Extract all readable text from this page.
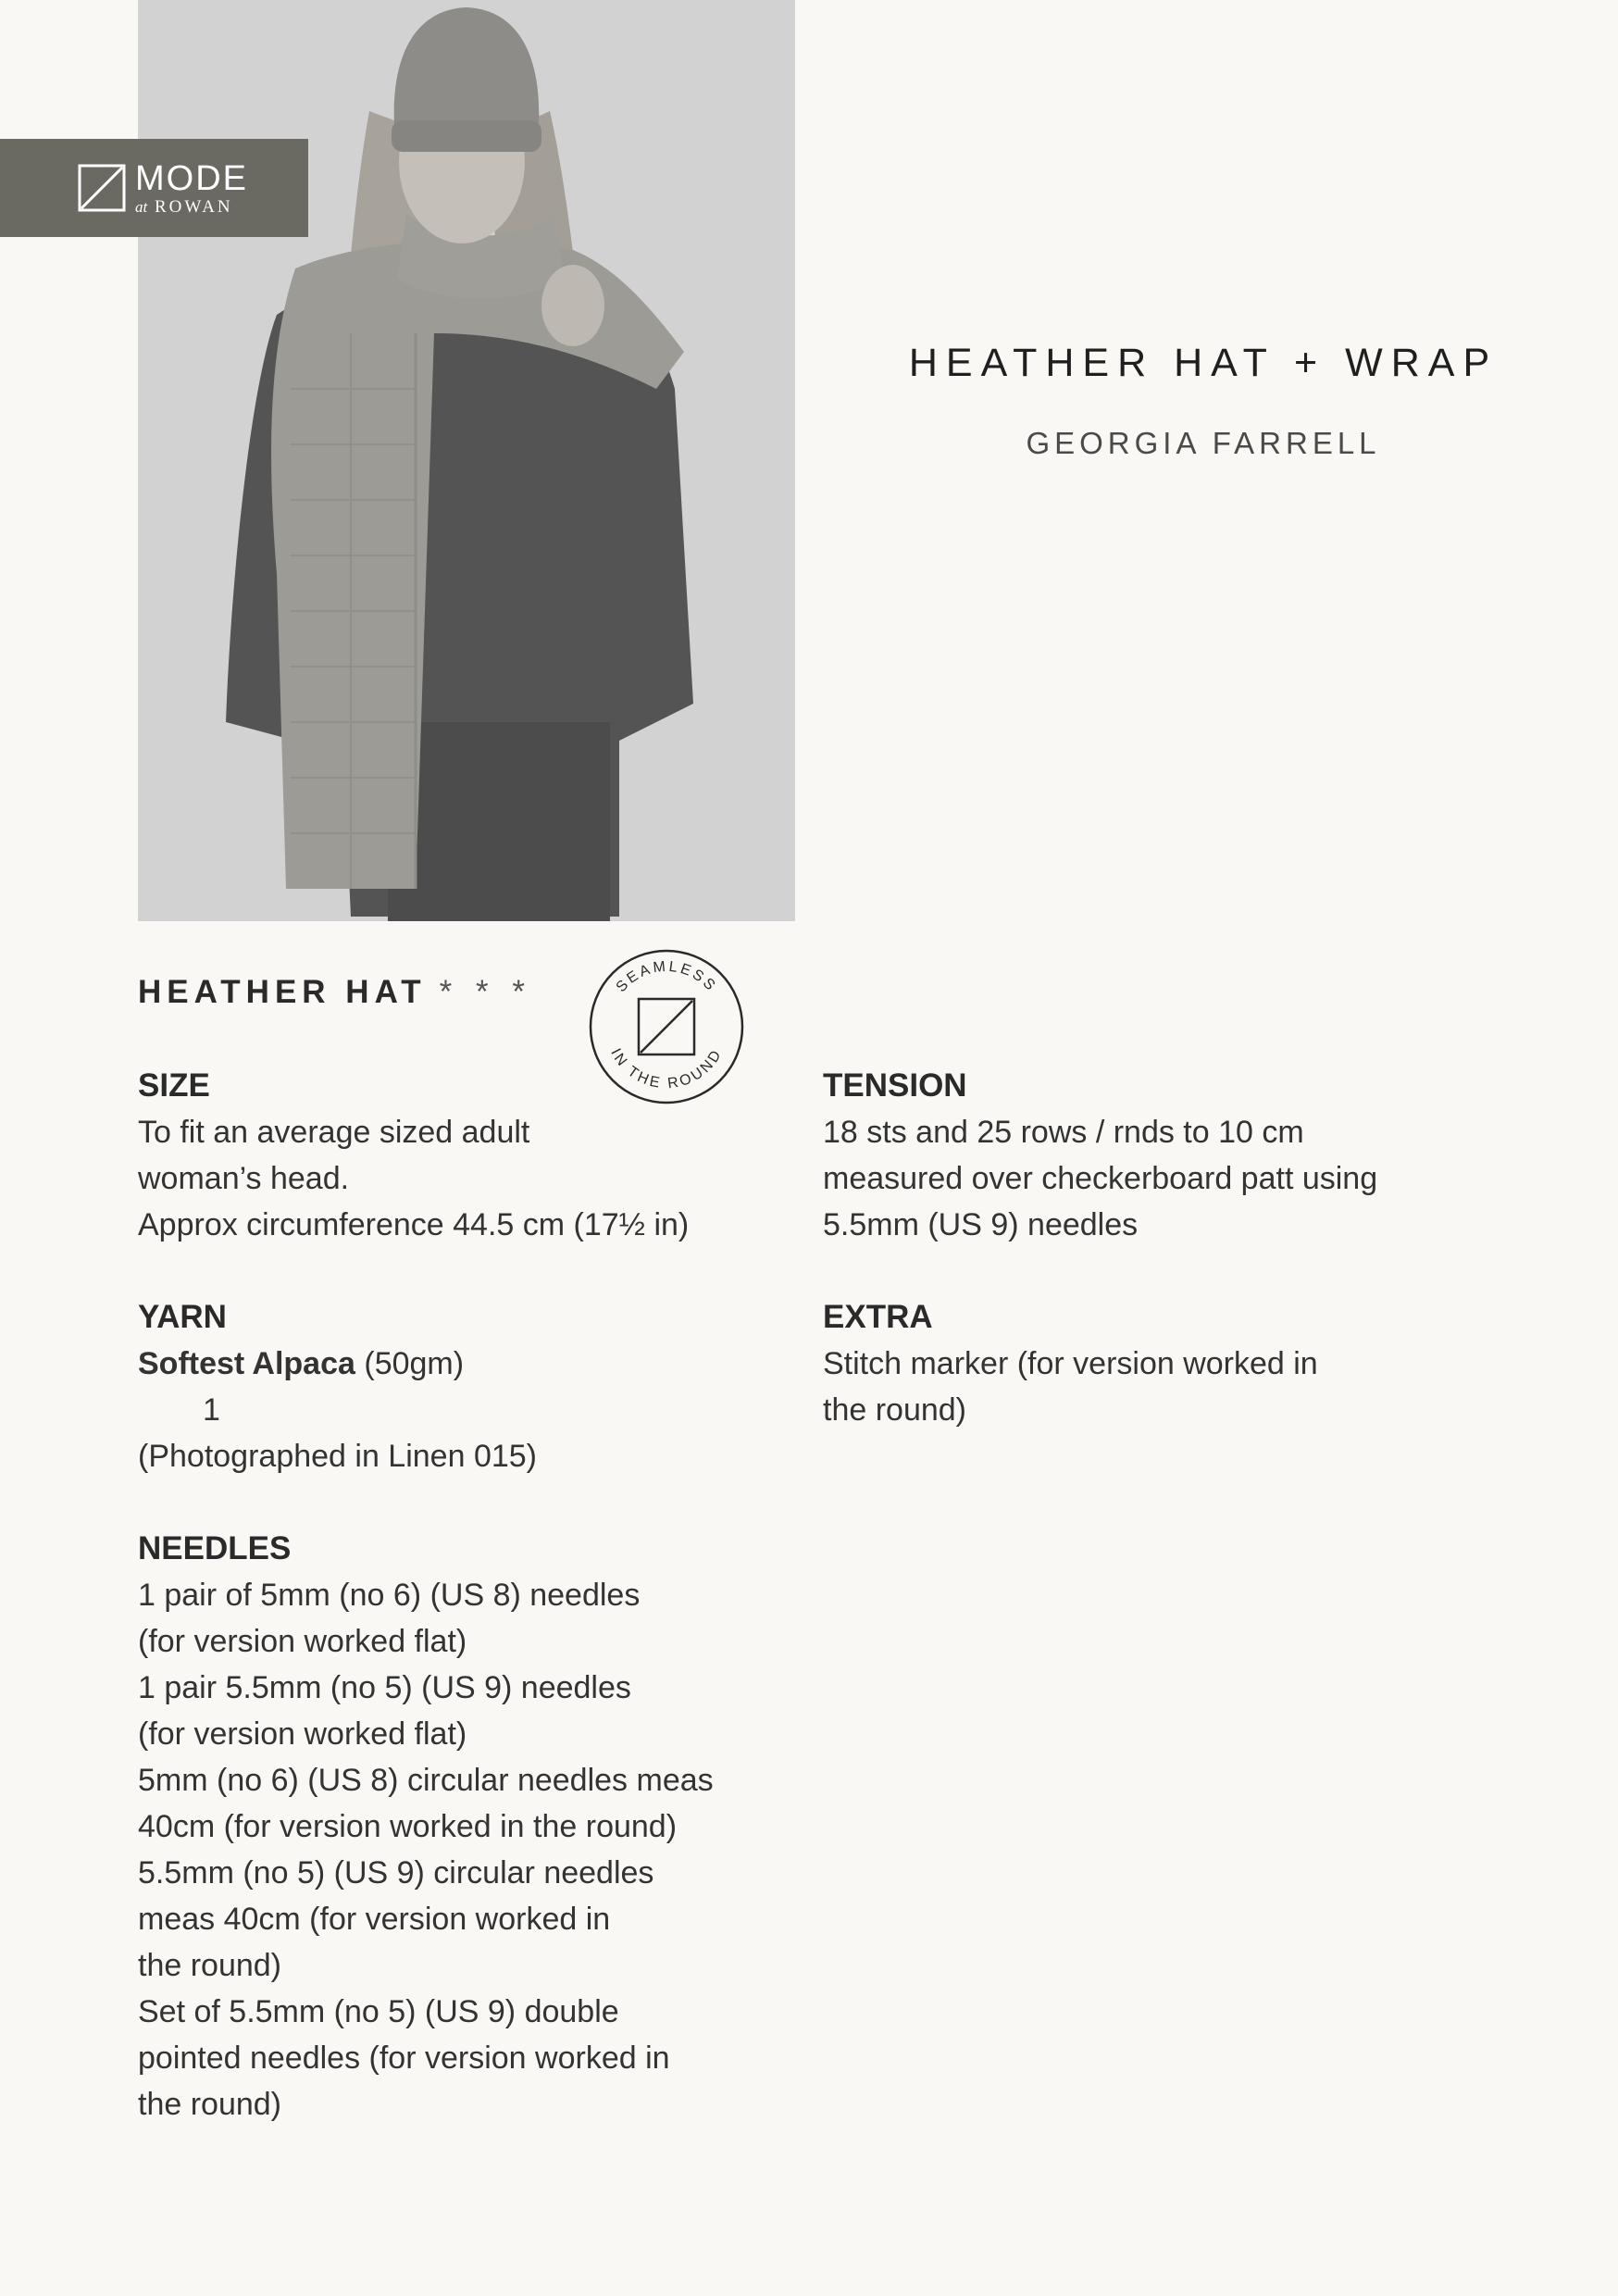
MODE
at ROWAN
HEATHER HAT + WRAP
GEORGIA FARRELL
HEATHER HAT * * *	SEAMLESS
IN THE ROUND
SIZE
To fit an average sized adult
woman’s head.
Approx circumference 44.5 cm (17½ in)
YARN
Softest Alpaca (50gm)
1
(Photographed in Linen 015)
NEEDLES
1 pair of 5mm (no 6) (US 8) needles
(for version worked flat)
1 pair 5.5mm (no 5) (US 9) needles
(for version worked flat)
5mm (no 6) (US 8) circular needles meas
40cm (for version worked in the round)
5.5mm (no 5) (US 9) circular needles
meas 40cm (for version worked in
the round)
Set of 5.5mm (no 5) (US 9) double
pointed needles (for version worked in
the round)
TENSION
18 sts and 25 rows / rnds to 10 cm
measured over checkerboard patt using
5.5mm (US 9) needles
EXTRA
Stitch marker (for version worked in
the round)
